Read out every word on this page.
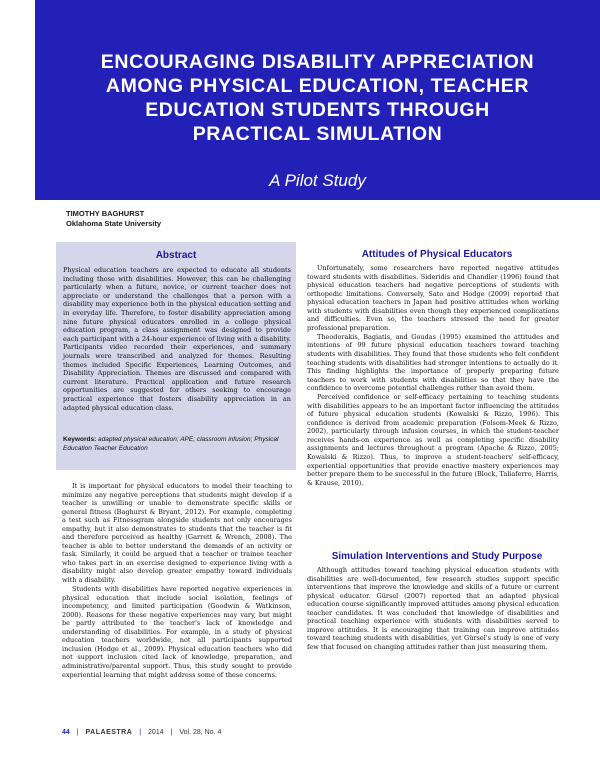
ENCOURAGING DISABILITY APPRECIATION
AMONG PHYSICAL EDUCATION, TEACHER
EDUCATION STUDENTS THROUGH
PRACTICAL SIMULATION
A Pilot Study
TIMOTHY BAGHURST
Oklahoma State University
Abstract
Physical education teachers are expected to educate all students including those with disabilities. However, this can be challenging particularly when a future, novice, or current teacher does not appreciate or understand the challenges that a person with a disability may experience both in the physical education setting and in everyday life. Therefore, to foster disability appreciation among nine future physical educators enrolled in a college physical education program, a class assignment was designed to provide each participant with a 24-hour experience of living with a disability. Participants video recorded their experiences, and summary journals were transcribed and analyzed for themes. Resulting themes included Specific Experiences, Learning Outcomes, and Disability Appreciation. Themes are discussed and compared with current literature. Practical application and future research opportunities are suggested for others seeking to encourage practical experience that fosters disability appreciation in an adapted physical education class.
Keywords: adapted physical education; APE; classroom infusion; Physical Education Teacher Education

It is important for physical educators to model their teaching to minimize any negative perceptions that students might develop if a teacher is unwilling or unable to demonstrate specific skills or general fitness (Baghurst & Bryant, 2012). For example, completing a test such as Fitnessgram alongside students not only encourages empathy, but it also demonstrates to students that the teacher is fit and therefore perceived as healthy (Garrett & Wrench, 2008). The teacher is able to better understand the demands of an activity or task. Similarly, it could be argued that a teacher or trainee teacher who takes part in an exercise designed to experience living with a disability might also develop greater empathy toward individuals with a disability.

Students with disabilities have reported negative experiences in physical education that include social isolation, feelings of incompetency, and limited participation (Goodwin & Watkinson, 2000). Reasons for these negative experiences may vary, but might be partly attributed to the teacher's lack of knowledge and understanding of disabilities. For example, in a study of physical education teachers worldwide, not all participants supported inclusion (Hodge et al., 2009). Physical education teachers who did not support inclusion cited lack of knowledge, preparation, and administrative/parental support. Thus, this study sought to provide experiential learning that might address some of these concerns.

Attitudes of Physical Educators

Unfortunately, some researchers have reported negative attitudes toward students with disabilities. Sideridis and Chandler (1996) found that physical education teachers had negative perceptions of students with orthopedic limitations. Conversely, Sato and Hodge (2009) reported that physical education teachers in Japan had positive attitudes when working with students with disabilities even though they experienced complications and difficulties. Even so, the teachers stressed the need for greater professional preparation.

Theodorakis, Bagiatis, and Goudas (1995) examined the attitudes and intentions of 99 future physical education teachers toward teaching students with disabilities. They found that those students who felt confident teaching students with disabilities had stronger intentions to actually do it. This finding highlights the importance of properly preparing future teachers to work with students with disabilities so that they have the confidence to overcome potential challenges rather than avoid them.

Perceived confidence or self-efficacy pertaining to teaching students with disabilities appears to be an important factor influencing the attitudes of future physical education students (Kowalski & Rizzo, 1996). This confidence is derived from academic preparation (Folsom-Meek & Rizzo, 2002), particularly through infusion courses, in which the student-teacher receives hands-on experience as well as completing specific disability assignments and lectures throughout a program (Apache & Rizzo, 2005; Kowalski & Rizzo). Thus, to improve a student-teachers' self-efficacy, experiential opportunities that provide enactive mastery experiences may better prepare them to be successful in the future (Block, Taliaferro, Harris, & Krause, 2010).

Simulation Interventions and Study Purpose

Although attitudes toward teaching physical education students with disabilities are well-documented, few research studies support specific interventions that improve the knowledge and skills of a future or current physical educator. Gürsel (2007) reported that an adapted physical education course significantly improved attitudes among physical education teacher candidates. It was concluded that knowledge of disabilities and practical teaching experience with students with disabilities served to improve attitudes. It is encouraging that training can improve attitudes toward teaching students with disabilities, yet Gürsel's study is one of very few that focused on changing attitudes rather than just measuring them.

44 | PALAESTRA | 2014 | Vol. 28, No. 4
